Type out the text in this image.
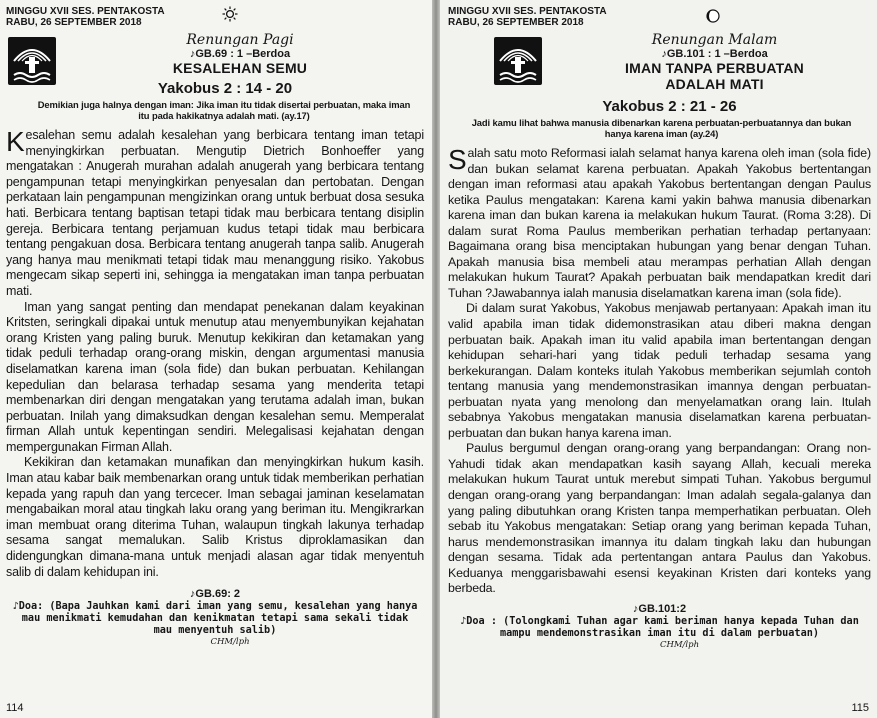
MINGGU XVII SES. PENTAKOSTA
RABU, 26 SEPTEMBER 2018
Renungan Pagi
♪GB.69 : 1 –Berdoa
KESALEHAN SEMU
Yakobus 2 : 14 - 20
Demikian juga halnya dengan iman: Jika iman itu tidak disertai perbuatan, maka iman itu pada hakikatnya adalah mati. (ay.17)

Kesalehan semu adalah kesalehan yang berbicara tentang iman tetapi menyingkirkan perbuatan. Mengutip Dietrich Bonhoeffer yang mengatakan : Anugerah murahan adalah anugerah yang berbicara tentang pengampunan tetapi menyingkirkan penyesalan dan pertobatan. Dengan perkataan lain pengampunan mengizinkan orang untuk berbuat dosa sesuka hati. Berbicara tentang baptisan tetapi tidak mau berbicara tentang disiplin gereja. Berbicara tentang perjamuan kudus tetapi tidak mau berbicara tentang pengakuan dosa. Berbicara tentang anugerah tanpa salib. Anugerah yang hanya mau menikmati tetapi tidak mau menanggung risiko. Yakobus mengecam sikap seperti ini, sehingga ia mengatakan iman tanpa perbuatan mati.

Iman yang sangat penting dan mendapat penekanan dalam keyakinan Kritsten, seringkali dipakai untuk menutup atau menyembunyikan kejahatan orang Kristen yang paling buruk. Menutup kekikiran dan ketamakan yang tidak peduli terhadap orang-orang miskin, dengan argumentasi manusia diselamatkan karena iman (sola fide) dan bukan perbuatan. Kehilangan kepedulian dan belarasa terhadap sesama yang menderita tetapi membenarkan diri dengan mengatakan yang terutama adalah iman, bukan perbuatan. Inilah yang dimaksudkan dengan kesalehan semu. Memperalat firman Allah untuk kepentingan sendiri. Melegalisasi kejahatan dengan mempergunakan Firman Allah.

Kekikiran dan ketamakan munafikan dan menyingkirkan hukum kasih. Iman atau kabar baik membenarkan orang untuk tidak memberikan perhatian kepada yang rapuh dan yang tercecer. Iman sebagai jaminan keselamatan mengabaikan moral atau tingkah laku orang yang beriman itu. Mengikrarkan iman membuat orang diterima Tuhan, walaupun tingkah lakunya terhadap sesama sangat memalukan. Salib Kristus diproklamasikan dan didengungkan dimana-mana untuk menjadi alasan agar tidak menyentuh salib di dalam kehidupan ini.

♪GB.69: 2
♪Doa: (Bapa Jauhkan kami dari iman yang semu, kesalehan yang hanya mau menikmati kemudahan dan kenikmatan tetapi sama sekali tidak mau menyentuh salib)
CHM/lph
114
MINGGU XVII SES. PENTAKOSTA
RABU, 26 SEPTEMBER 2018
Renungan Malam
♪GB.101 : 1 –Berdoa
IMAN TANPA PERBUATAN
ADALAH MATI
Yakobus 2 : 21 - 26
Jadi kamu lihat bahwa manusia dibenarkan karena perbuatan-perbuatannya dan bukan hanya karena iman (ay.24)

Salah satu moto Reformasi ialah selamat hanya karena oleh iman (sola fide) dan bukan selamat karena perbuatan. Apakah Yakobus bertentangan dengan iman reformasi atau apakah Yakobus bertentangan dengan Paulus ketika Paulus mengatakan: Karena kami yakin bahwa manusia dibenarkan karena iman dan bukan karena ia melakukan hukum Taurat. (Roma 3:28). Di dalam surat Roma Paulus memberikan perhatian terhadap pertanyaan: Bagaimana orang bisa menciptakan hubungan yang benar dengan Tuhan. Apakah manusia bisa membeli atau merampas perhatian Allah dengan melakukan hukum Taurat? Apakah perbuatan baik mendapatkan kredit dari Tuhan ?Jawabannya ialah manusia diselamatkan karena iman (sola fide).

Di dalam surat Yakobus, Yakobus menjawab pertanyaan: Apakah iman itu valid apabila iman tidak didemonstrasikan atau diberi makna dengan perbuatan baik. Apakah iman itu valid apabila iman bertentangan dengan kehidupan sehari-hari yang tidak peduli terhadap sesama yang berkekurangan. Dalam konteks itulah Yakobus memberikan sejumlah contoh tentang manusia yang mendemonstrasikan imannya dengan perbuatan-perbuatan nyata yang menolong dan menyelamatkan orang lain. Itulah sebabnya Yakobus mengatakan manusia diselamatkan karena perbuatan-perbuatan dan bukan hanya karena iman.

Paulus bergumul dengan orang-orang yang berpandangan: Orang non-Yahudi tidak akan mendapatkan kasih sayang Allah, kecuali mereka melakukan hukum Taurat untuk merebut simpati Tuhan. Yakobus bergumul dengan orang-orang yang berpandangan: Iman adalah segala-galanya dan yang paling dibutuhkan orang Kristen tanpa memperhatikan perbuatan. Oleh sebab itu Yakobus mengatakan: Setiap orang yang beriman kepada Tuhan, harus mendemonstrasikan imannya itu dalam tingkah laku dan hubungan dengan sesama. Tidak ada pertentangan antara Paulus dan Yakobus. Keduanya menggarisbawahi esensi keyakinan Kristen dari konteks yang berbeda.

♪GB.101:2
♪Doa : (Tolongkami Tuhan agar kami beriman hanya kepada Tuhan dan mampu mendemonstrasikan iman itu di dalam perbuatan)
CHM/lph
115
